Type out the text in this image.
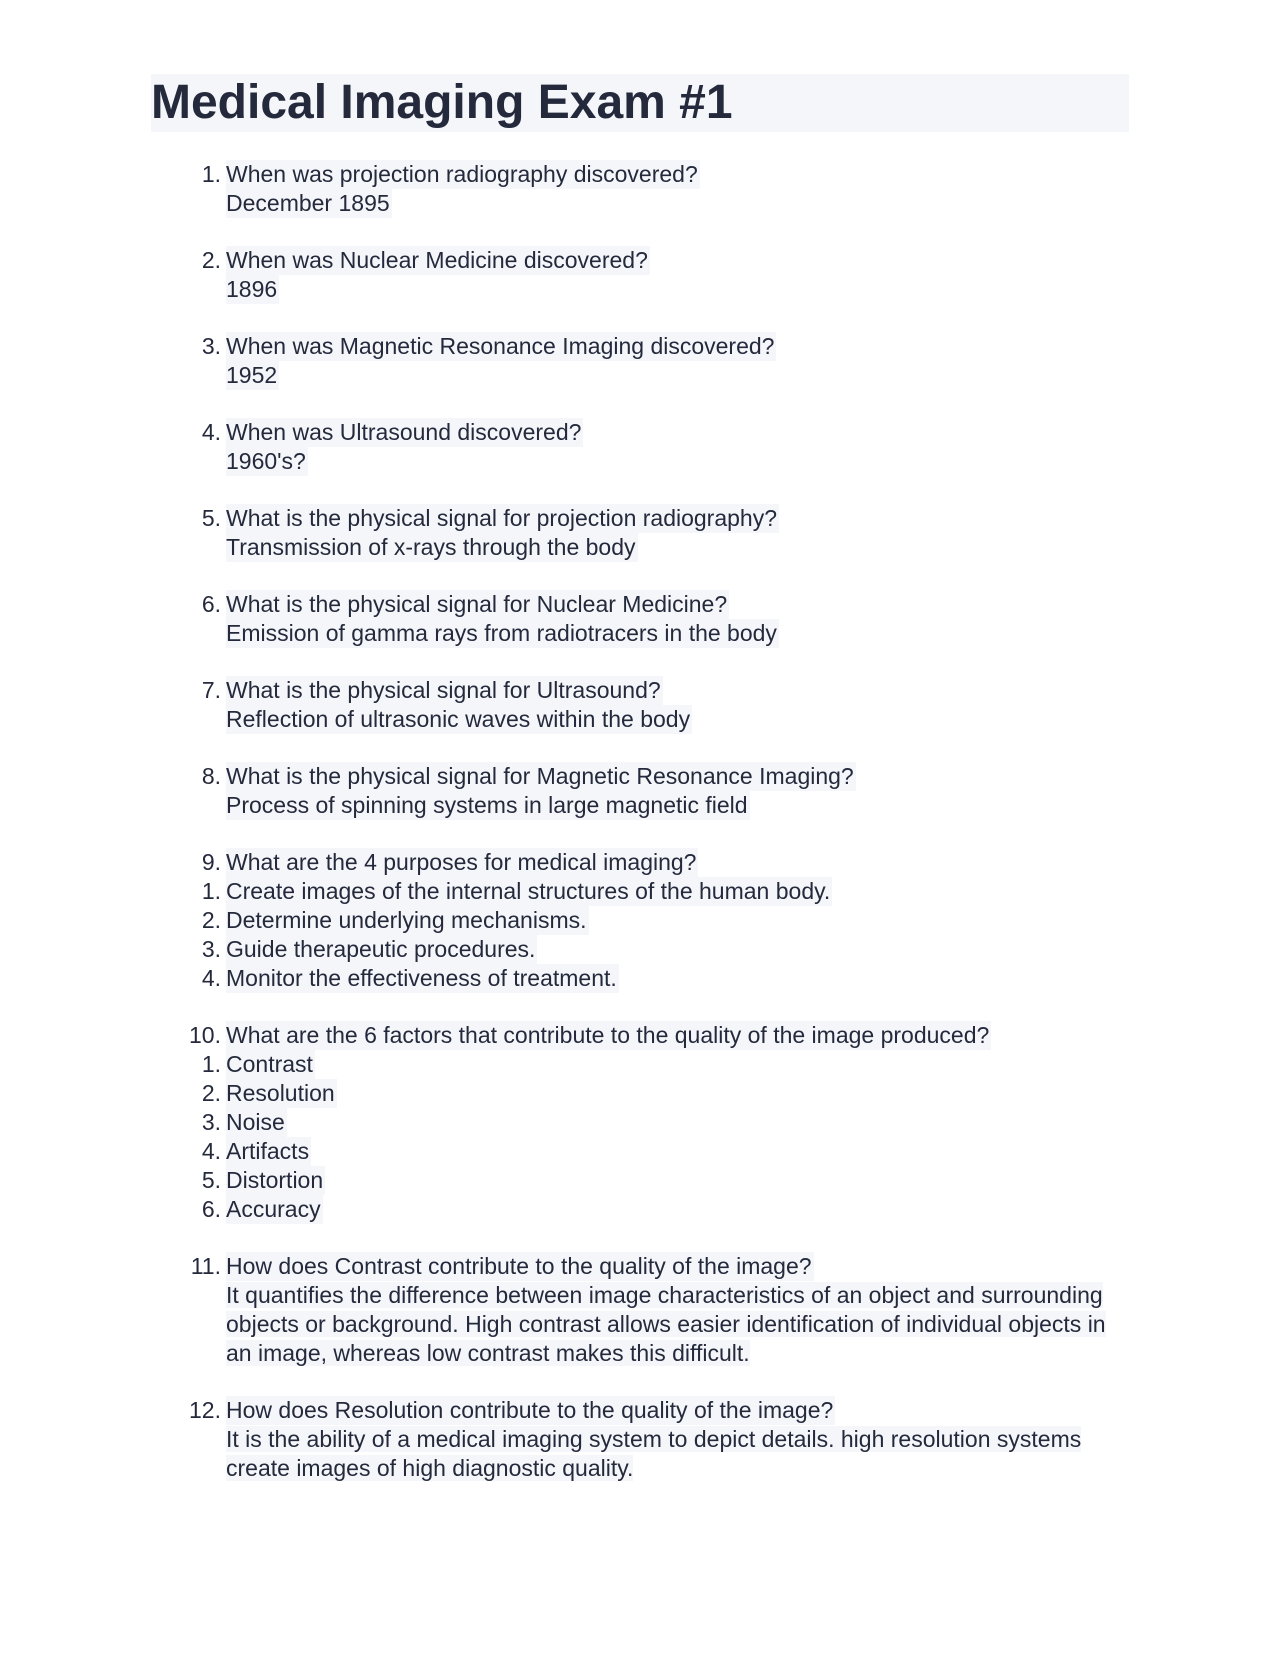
Medical Imaging Exam #1
1. When was projection radiography discovered?
December 1895
2. When was Nuclear Medicine discovered?
1896
3. When was Magnetic Resonance Imaging discovered?
1952
4. When was Ultrasound discovered?
1960's?
5. What is the physical signal for projection radiography?
Transmission of x-rays through the body
6. What is the physical signal for Nuclear Medicine?
Emission of gamma rays from radiotracers in the body
7. What is the physical signal for Ultrasound?
Reflection of ultrasonic waves within the body
8. What is the physical signal for Magnetic Resonance Imaging?
Process of spinning systems in large magnetic field
9. What are the 4 purposes for medical imaging?
1. Create images of the internal structures of the human body.
2. Determine underlying mechanisms.
3. Guide therapeutic procedures.
4. Monitor the effectiveness of treatment.
10. What are the 6 factors that contribute to the quality of the image produced?
1. Contrast
2. Resolution
3. Noise
4. Artifacts
5. Distortion
6. Accuracy
11. How does Contrast contribute to the quality of the image?
It quantifies the difference between image characteristics of an object and surrounding objects or background. High contrast allows easier identification of individual objects in an image, whereas low contrast makes this difficult.
12. How does Resolution contribute to the quality of the image?
It is the ability of a medical imaging system to depict details. high resolution systems create images of high diagnostic quality.
